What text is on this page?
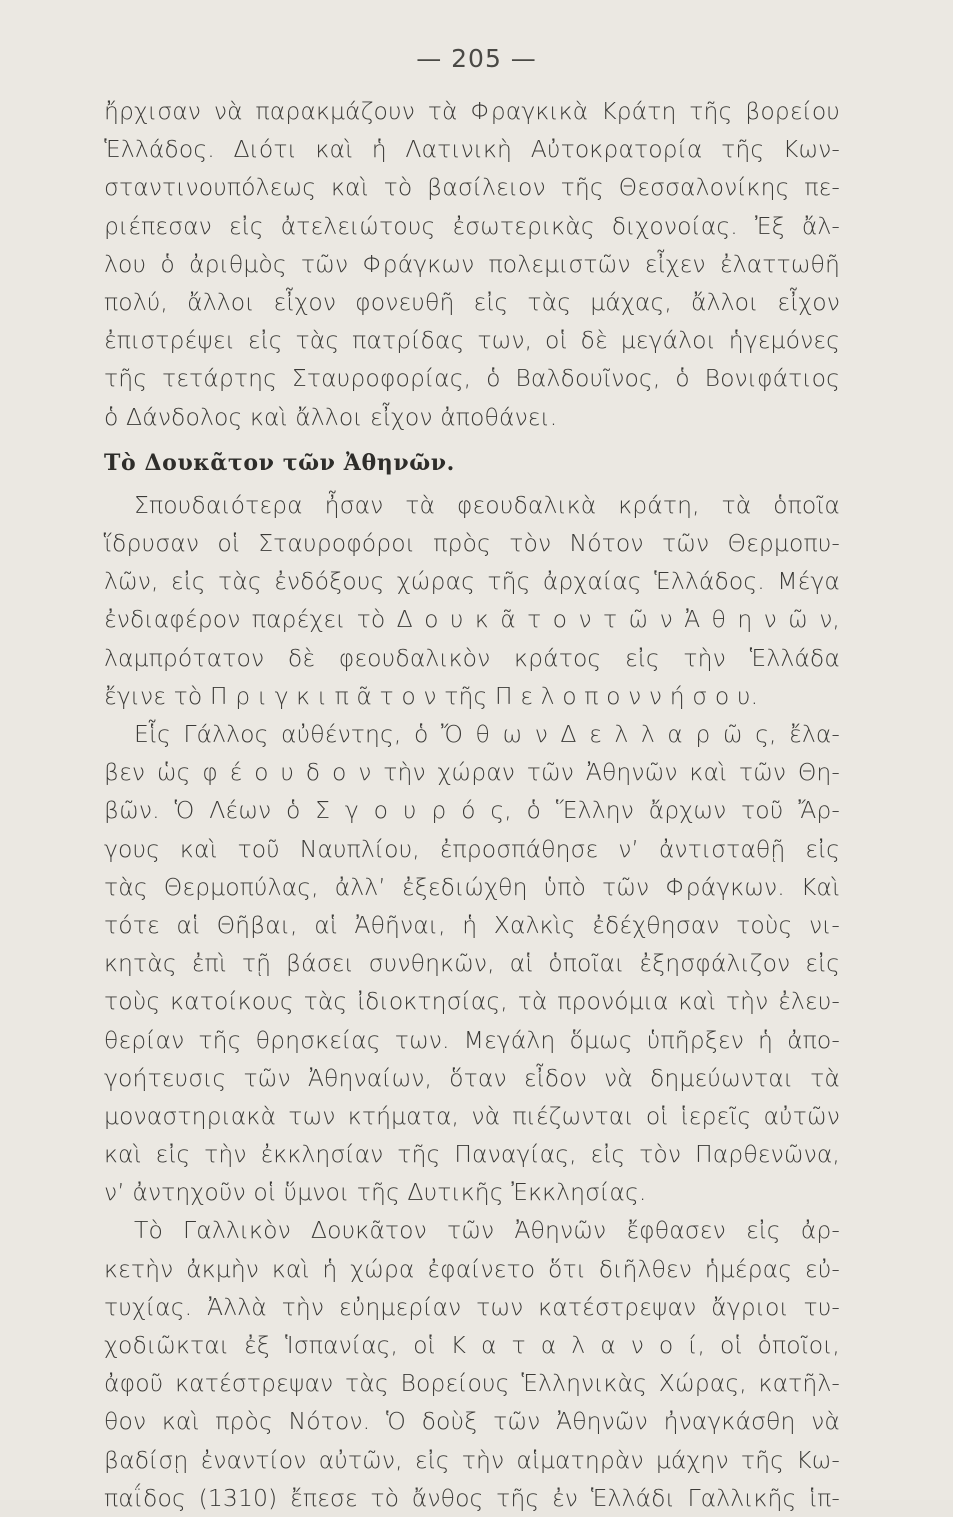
— 205 —
ἤρχισαν νὰ παρακμάζουν τὰ Φραγκικὰ Κράτη τῆς βορείου
Ἑλλάδος. Διότι καὶ ἡ Λατινικὴ Αὐτοκρατορία τῆς Κων-
σταντινουπόλεως καὶ τὸ βασίλειον τῆς Θεσσαλονίκης πε-
ριέπεσαν εἰς ἀτελειώτους ἐσωτερικὰς διχονοίας. Ἐξ ἄλ-
λου ὁ ἀριθμὸς τῶν Φράγκων πολεμιστῶν εἶχεν ἐλαττωθῆ
πολύ, ἄλλοι εἶχον φονευθῆ εἰς τὰς μάχας, ἄλλοι εἶχον
ἐπιστρέψει εἰς τὰς πατρίδας των, οἱ δὲ μεγάλοι ἡγεμόνες
τῆς τετάρτης Σταυροφορίας, ὁ Βαλδουῖνος, ὁ Βονιφάτιος
ὁ Δάνδολος καὶ ἄλλοι εἶχον ἀποθάνει.
Τὸ Δουκᾶτον τῶν Ἀθηνῶν.
Σπουδαιότερα ἦσαν τὰ φεουδαλικὰ κράτη, τὰ ὁποῖα
ἵδρυσαν οἱ Σταυροφόροι πρὸς τὸν Νότον τῶν Θερμοπυ-
λῶν, εἰς τὰς ἐνδόξους χώρας τῆς ἀρχαίας Ἑλλάδος. Μέγα
ἐνδιαφέρον παρέχει τὸ Δ ο υ κ ᾶ τ ο ν τ ῶ ν Ἀ θ η ν ῶ ν,
λαμπρότατον δὲ φεουδαλικὸν κράτος εἰς τὴν Ἑλλάδα
ἔγινε τὸ Π ρ ι γ κ ι π ᾶ τ ο ν τῆς Π ε λ ο π ο ν ν ή σ ο υ.
Εἷς Γάλλος αὐθέντης, ὁ Ὄ θ ω ν Δ ε λ λ α ρ ῶ ς, ἔλα-
βεν ὡς φ έ ο υ δ ο ν τὴν χώραν τῶν Ἀθηνῶν καὶ τῶν Θη-
βῶν. Ὁ Λέων ὁ Σ γ ο υ ρ ό ς, ὁ Ἕλλην ἄρχων τοῦ Ἄρ-
γους καὶ τοῦ Ναυπλίου, ἐπροσπάθησε ν’ ἀντισταθῇ εἰς
τὰς Θερμοπύλας, ἀλλ’ ἐξεδιώχθη ὑπὸ τῶν Φράγκων. Καὶ
τότε αἱ Θῆβαι, αἱ Ἀθῆναι, ἡ Χαλκὶς ἐδέχθησαν τοὺς νι-
κητὰς ἐπὶ τῇ βάσει συνθηκῶν, αἱ ὁποῖαι ἐξησφάλιζον εἰς
τοὺς κατοίκους τὰς ἰδιοκτησίας, τὰ προνόμια καὶ τὴν ἐλευ-
θερίαν τῆς θρησκείας των. Μεγάλη ὅμως ὑπῆρξεν ἡ ἀπο-
γοήτευσις τῶν Ἀθηναίων, ὅταν εἶδον νὰ δημεύωνται τὰ
μοναστηριακὰ των κτήματα, νὰ πιέζωνται οἱ ἱερεῖς αὐτῶν
καὶ εἰς τὴν ἐκκλησίαν τῆς Παναγίας, εἰς τὸν Παρθενῶνα,
ν’ ἀντηχοῦν οἱ ὕμνοι τῆς Δυτικῆς Ἐκκλησίας.
Τὸ Γαλλικὸν Δουκᾶτον τῶν Ἀθηνῶν ἔφθασεν εἰς ἀρ-
κετὴν ἀκμὴν καὶ ἡ χώρα ἐφαίνετο ὅτι διῆλθεν ἡμέρας εὐ-
τυχίας. Ἀλλὰ τὴν εὐημερίαν των κατέστρεψαν ἄγριοι τυ-
χοδιῶκται ἐξ Ἱσπανίας, οἱ Κ α τ α λ α ν ο ί, οἱ ὁποῖοι,
ἀφοῦ κατέστρεψαν τὰς Βορείους Ἑλληνικὰς Χώρας, κατῆλ-
θον καὶ πρὸς Νότον. Ὁ δοὺξ τῶν Ἀθηνῶν ἠναγκάσθη νὰ
βαδίσῃ ἐναντίον αὐτῶν, εἰς τὴν αἱματηρὰν μάχην τῆς Κω-
παΐδος (1310) ἔπεσε τὸ ἄνθος τῆς ἐν Ἑλλάδι Γαλλικῆς ἱπ-
